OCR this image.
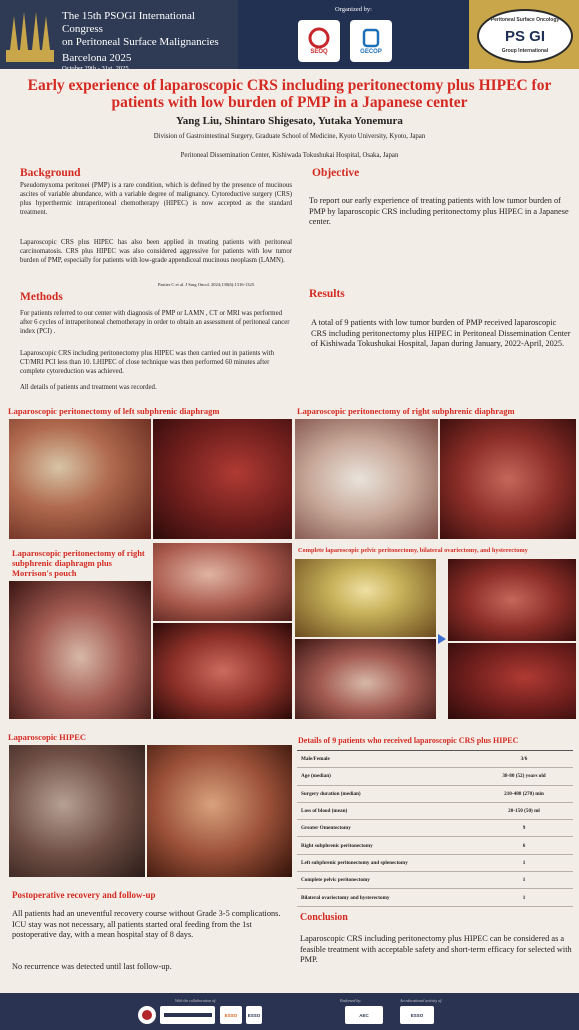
The 15th PSOGI International Congress
on Peritoneal Surface Malignancies
Barcelona 2025
October 29th - 31st, 2025
Organized by:
SEOQ	GECOP
Peritoneal Surface Oncology
PS GI
Group International
Early experience of laparoscopic CRS including peritonectomy plus HIPEC for patients with low burden of PMP in a Japanese center
Yang Liu, Shintaro Shigesato, Yutaka Yonemura
Division of Gastrointestinal Surgery, Graduate School of Medicine, Kyoto University, Kyoto, Japan
Peritoneal Dissemination Center, Kishiwada Tokushukai Hospital, Osaka, Japan
Background
Pseudomyxoma peritonei (PMP) is a rare condition, which is defined by the presence of mucinous ascites of variable abundance, with a variable degree of malignancy. Cytoreductive surgery (CRS) plus hyperthermic intraperitoneal chemotherapy (HIPEC) is now accepted as the standard treatment.
Laparoscopic CRS plus HIPEC has also been applied in treating patients with peritoneal carcinomatosis. CRS plus HIPEC was also considered aggressive for patients with low tumor burden of PMP, especially for patients with low-grade appendiceal mucinous neoplasm (LAMN).
Pastier C et al. J Surg Oncol. 2024;130(6):1316-1325.
Objective
To report our early experience of treating patients with low tumor burden of PMP by laparoscopic CRS including peritonectomy plus HIPEC in a Japanese center.
Methods
For patients referred to our center with diagnosis of PMP or LAMN , CT or MRI was performed after 6 cycles of intraperitoneal chemotherapy in order to obtain an assessment of peritoneal cancer index (PCI) .
Laparoscopic CRS including peritonectomy plus HIPEC was then carried out in patients with CT/MRI PCI less than 10. LHIPEC of close technique was then performed 60 minutes after complete cytoreduction was achieved.
All details of patients and treatment was recorded.
Results
A total of 9 patients with low tumor burden of PMP received laparoscopic CRS including peritonectomy plus HIPEC in Peritoneal Dissemination Center of Kishiwada Tokushukai Hospital, Japan during January, 2022-April, 2025.
Laparoscopic peritonectomy of left subphrenic diaphragm	Laparoscopic peritonectomy of right subphrenic diaphragm
Laparoscopic peritonectomy of right subphrenic diaphragm plus Morrison's pouch
Complete laparoscopic pelvic peritonectomy, bilateral ovariectomy, and hysterectomy
Laparoscopic HIPEC	Details of 9 patients who received laparoscopic CRS plus HIPEC
Male/Female	3/6
Age (median)	38-80 (52) years old
Surgery duration (median)	210-480 (270) min
Loss of blood (mean)	20-150 (50) ml
Greater Omentectomy	9
Right subphrenic peritonectomy	6
Left subphrenic peritonectomy and splenectomy	1
Complete pelvic peritonectomy	1
Bilateral ovariectomy and hysterectomy	1
Postoperative recovery and follow-up
All patients had an uneventful recovery course without Grade 3-5 complications. ICU stay was not necessary, all patients started oral feeding from the 1st postoperative day, with a mean hospital stay of 8 days.
No recurrence was detected until last follow-up.
Conclusion
Laparoscopic CRS including peritonectomy plus HIPEC can be considered as a feasible treatment with acceptable safety and short-term efficacy for selected with PMP.
With the collaboration of:	Endorsed by:	An educational activity of:
ESSO	ESSO	AEC	ESSO
